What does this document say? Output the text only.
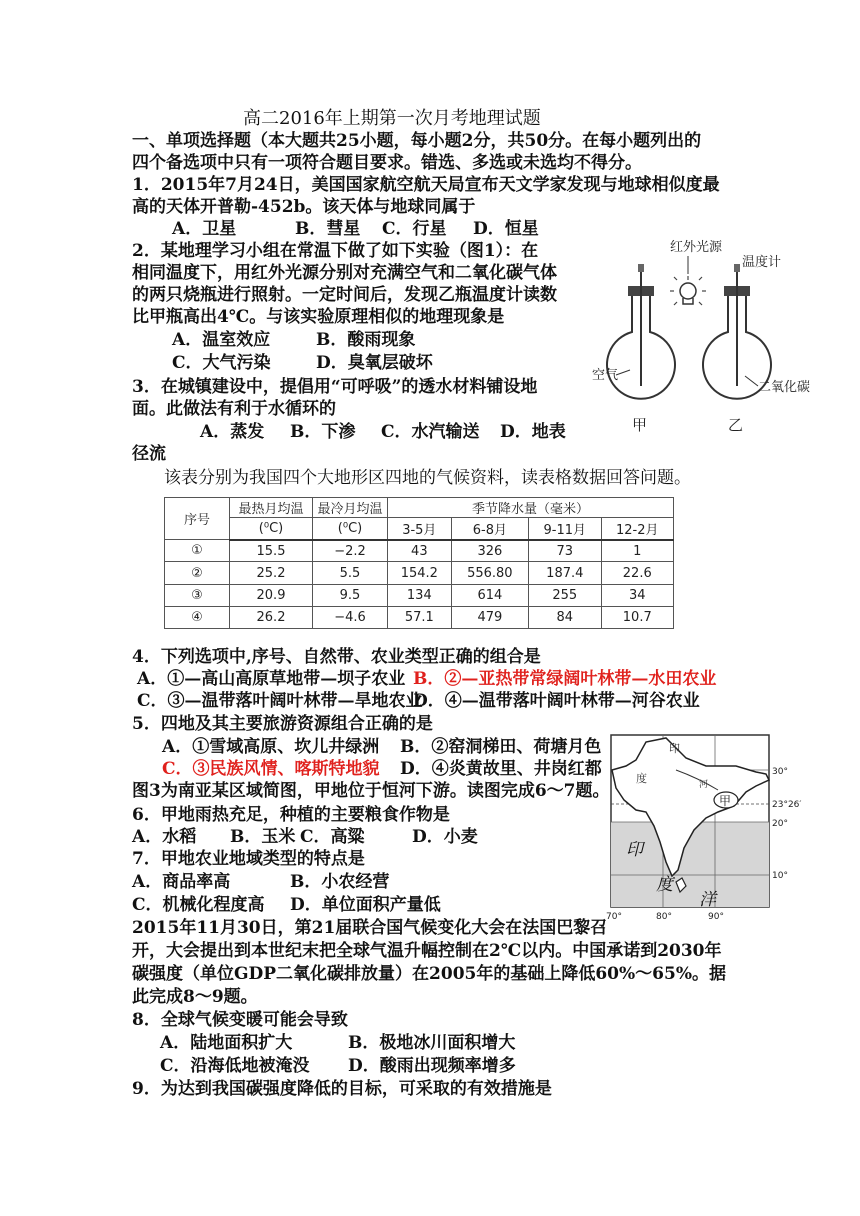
高二2016年上期第一次月考地理试题
一、单项选择题（本大题共25小题，每小题2分，共50分。在每小题列出的
四个备选项中只有一项符合题目要求。错选、多选或未选均不得分。
1．2015年7月24日，美国国家航空航天局宣布天文学家发现与地球相似度最
高的天体开普勒-452b。该天体与地球同属于
A．卫星	B．彗星 C．行星 D．恒星
2．某地理学习小组在常温下做了如下实验（图1）：在
相同温度下，用红外光源分别对充满空气和二氧化碳气体
的两只烧瓶进行照射。一定时间后，发现乙瓶温度计读数
比甲瓶高出4℃。与该实验原理相似的地理现象是
A．温室效应	B．酸雨现象
C．大气污染	D．臭氧层破坏
红外光源
温度计
空气
二氧化碳
甲	乙
3．在城镇建设中，提倡用“可呼吸”的透水材料铺设地
面。此做法有利于水循环的
A．蒸发 B．下渗 C．水汽输送 D．地表
径流
该表分别为我国四个大地形区四地的气候资料，读表格数据回答问题。
序号	最热月均温	最冷月均温	季节降水量（毫米）			
	(⁰C)	(⁰C)	3-5月	6-8月	9-11月	12-2月
①	15.5	−2.2	43	326	73	1
②	25.2	5.5	154.2	556.80	187.4	22.6
③	20.9	9.5	134	614	255	34
④	26.2	−4.6	57.1	479	84	10.7
4．下列选项中,序号、自然带、农业类型正确的组合是
A．①—高山高原草地带—坝子农业 B．②—亚热带常绿阔叶林带—水田农业
C．③—温带落叶阔叶林带—旱地农业
D．④—温带落叶阔叶林带—河谷农业
5．四地及其主要旅游资源组合正确的是
A．①雪域高原、坎儿井绿洲 B．②窑洞梯田、荷塘月色
C．③民族风情、喀斯特地貌 D．④炎黄故里、井岗红都
图3为南亚某区域简图，甲地位于恒河下游。读图完成6～7题。	甲
印
度	河
印
度
洋
30°
23°26′
20°
10°
70°	80°	90°
6．甲地雨热充足，种植的主要粮食作物是
A．水稻 B．玉米 C．高粱	D．小麦
7．甲地农业地域类型的特点是
A．商品率高	B．小农经营
C．机械化程度高 D．单位面积产量低
2015年11月30日，第21届联合国气候变化大会在法国巴黎召
开，大会提出到本世纪末把全球气温升幅控制在2℃以内。中国承诺到2030年
碳强度（单位GDP二氧化碳排放量）在2005年的基础上降低60%～65%。据
此完成8～9题。
8．全球气候变暖可能会导致
A．陆地面积扩大	B．极地冰川面积增大
C．沿海低地被淹没 D．酸雨出现频率增多
9．为达到我国碳强度降低的目标，可采取的有效措施是
